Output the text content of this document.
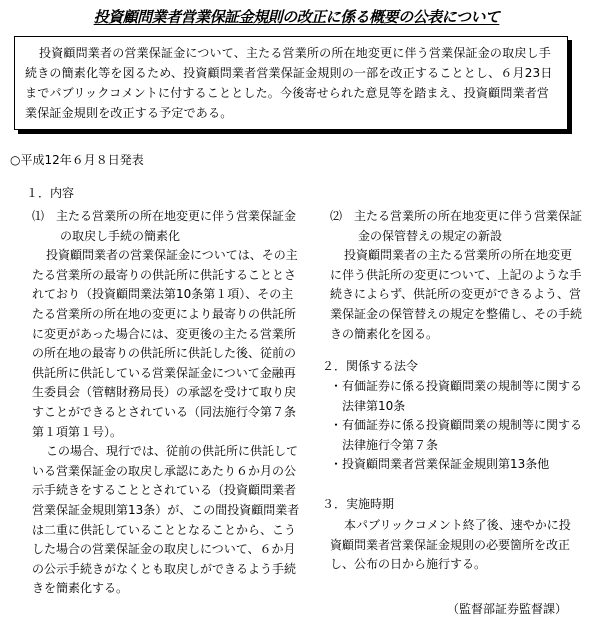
投資顧問業者営業保証金規則の改正に係る概要の公表について

投資顧問業者の営業保証金について、主たる営業所の所在地変更に伴う営業保証金の取戻し手続きの簡素化等を図るため、投資顧問業者営業保証金規則の一部を改正することとし、６月23日までパブリックコメントに付することとした。今後寄せられた意見等を踏まえ、投資顧問業者営業保証金規則を改正する予定である。

○平成12年６月８日発表
１．内容

⑴　主たる営業所の所在地変更に伴う営業保証金の取戻し手続の簡素化

投資顧問業者の営業保証金については、その主たる営業所の最寄りの供託所に供託することとされており（投資顧問業法第10条第１項）、その主たる営業所の所在地の変更により最寄りの供託所に変更があった場合には、変更後の主たる営業所の所在地の最寄りの供託所に供託した後、従前の供託所に供託している営業保証金について金融再生委員会（管轄財務局長）の承認を受けて取り戻すことができるとされている（同法施行令第７条第１項第１号）。

この場合、現行では、従前の供託所に供託している営業保証金の取戻し承認にあたり６か月の公示手続きをすることとされている（投資顧問業者営業保証金規則第13条）が、この間投資顧問業者は二重に供託していることとなることから、こうした場合の営業保証金の取戻しについて、６か月の公示手続きがなくとも取戻しができるよう手続きを簡素化する。

⑵　主たる営業所の所在地変更に伴う営業保証金の保管替えの規定の新設

投資顧問業者の主たる営業所の所在地変更に伴う供託所の変更について、上記のような手続きによらず、供託所の変更ができるよう、営業保証金の保管替えの規定を整備し、その手続きの簡素化を図る。

２．関係する法令

・有価証券に係る投資顧問業の規制等に関する法律第10条

・有価証券に係る投資顧問業の規制等に関する法律施行令第７条

・投資顧問業者営業保証金規則第13条他

３．実施時期

本パブリックコメント終了後、速やかに投資顧問業者営業保証金規則の必要箇所を改正し、公布の日から施行する。

（監督部証券監督課）
